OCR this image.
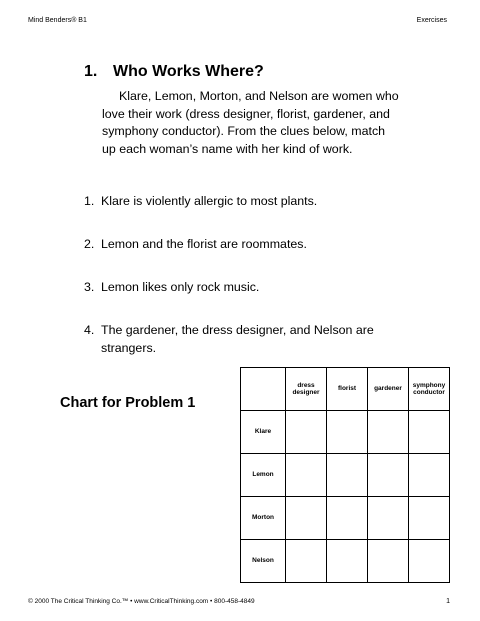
Mind Benders® B1	Exercises
1. Who Works Where?

Klare, Lemon, Morton, and Nelson are women who love their work (dress designer, florist, gardener, and symphony conductor). From the clues below, match up each woman’s name with her kind of work.

1. Klare is violently allergic to most plants.
2. Lemon and the florist are roommates.
3. Lemon likes only rock music.
4. The gardener, the dress designer, and Nelson are strangers.
Chart for Problem 1
	dress designer	florist	gardener	symphony conductor
Klare				
Lemon				
Morton				
Nelson				
© 2000 The Critical Thinking Co.™ • www.CriticalThinking.com • 800-458-4849	1
